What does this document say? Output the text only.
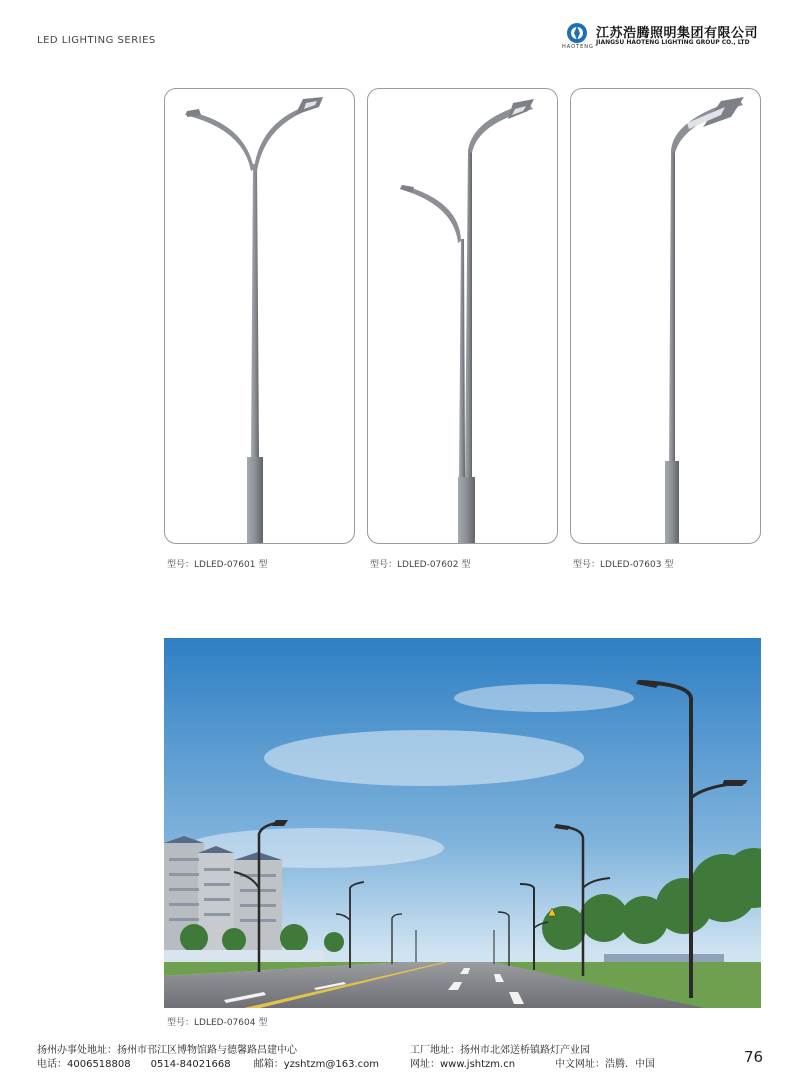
LED LIGHTING SERIES
HAOTENG
江苏浩腾照明集团有限公司
JIANGSU HAOTENG LIGHTING GROUP CO., LTD
型号：LDLED-07601 型	型号：LDLED-07602 型	型号：LDLED-07603 型
型号：LDLED-07604 型
扬州办事处地址：扬州市邗江区博物馆路与德馨路昌建中心
电话：4006518808　　0514-84021668　　 邮箱：yzshtzm@163.com
工厂地址：扬州市北郊送桥镇路灯产业园
网址：www.jshtzm.cn　　　　中文网址：浩腾．中国	76
